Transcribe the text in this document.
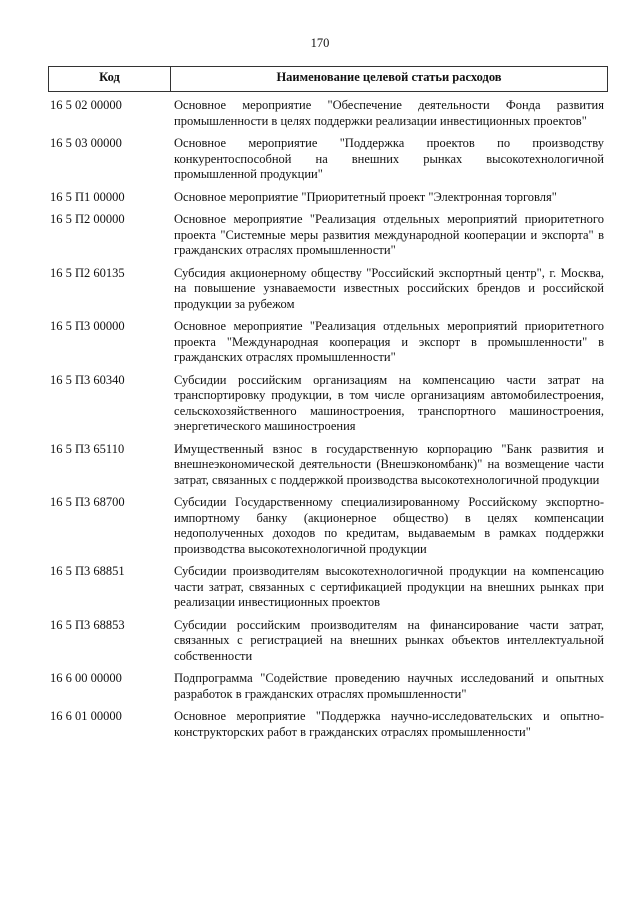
170
Код	Наименование целевой статьи расходов
16 5 02 00000	Основное мероприятие "Обеспечение деятельности Фонда развития промышленности в целях поддержки реализации инвестиционных проектов"
16 5 03 00000	Основное мероприятие "Поддержка проектов по производству конкурентоспособной на внешних рынках высокотехнологичной промышленной продукции"
16 5 П1 00000	Основное мероприятие "Приоритетный проект "Электронная торговля"
16 5 П2 00000	Основное мероприятие "Реализация отдельных мероприятий приоритетного проекта "Системные меры развития международной кооперации и экспорта" в гражданских отраслях промышленности"
16 5 П2 60135	Субсидия акционерному обществу "Российский экспортный центр", г. Москва, на повышение узнаваемости известных российских брендов и российской продукции за рубежом
16 5 П3 00000	Основное мероприятие "Реализация отдельных мероприятий приоритетного проекта "Международная кооперация и экспорт в промышленности" в гражданских отраслях промышленности"
16 5 П3 60340	Субсидии российским организациям на компенсацию части затрат на транспортировку продукции, в том числе организациям автомобилестроения, сельскохозяйственного машиностроения, транспортного машиностроения, энергетического машиностроения
16 5 П3 65110	Имущественный взнос в государственную корпорацию "Банк развития и внешнеэкономической деятельности (Внешэкономбанк)" на возмещение части затрат, связанных с поддержкой производства высокотехнологичной продукции
16 5 П3 68700	Субсидии Государственному специализированному Российскому экспортно-импортному банку (акционерное общество) в целях компенсации недополученных доходов по кредитам, выдаваемым в рамках поддержки производства высокотехнологичной продукции
16 5 П3 68851	Субсидии производителям высокотехнологичной продукции на компенсацию части затрат, связанных с сертификацией продукции на внешних рынках при реализации инвестиционных проектов
16 5 П3 68853	Субсидии российским производителям на финансирование части затрат, связанных с регистрацией на внешних рынках объектов интеллектуальной собственности
16 6 00 00000	Подпрограмма "Содействие проведению научных исследований и опытных разработок в гражданских отраслях промышленности"
16 6 01 00000	Основное мероприятие "Поддержка научно-исследовательских и опытно-конструкторских работ в гражданских отраслях промышленности"
